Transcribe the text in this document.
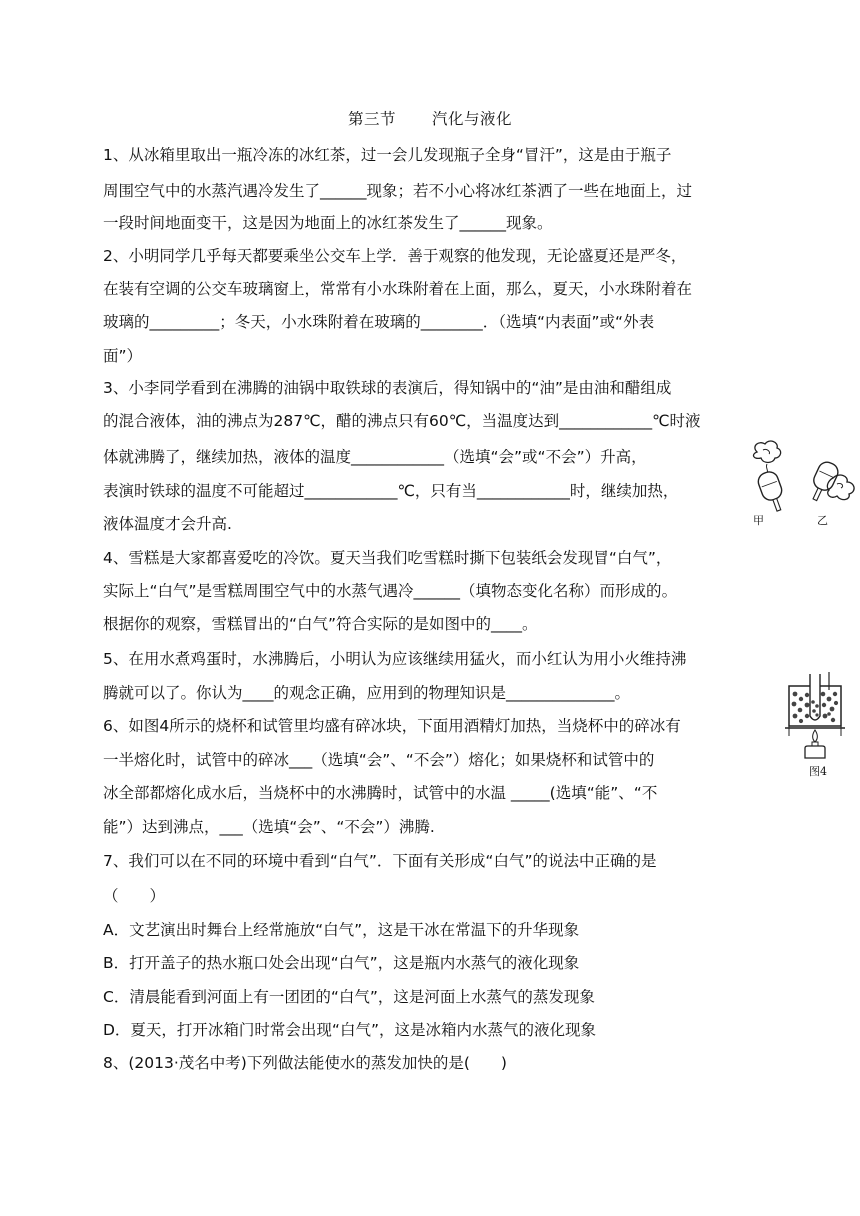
第三节 汽化与液化
1、从冰箱里取出一瓶冷冻的冰红茶，过一会儿发现瓶子全身“冒汗”，这是由于瓶子
周围空气中的水蒸汽遇冷发生了______现象；若不小心将冰红茶洒了一些在地面上，过
一段时间地面变干，这是因为地面上的冰红茶发生了______现象。
2、小明同学几乎每天都要乘坐公交车上学．善于观察的他发现，无论盛夏还是严冬，
在装有空调的公交车玻璃窗上，常常有小水珠附着在上面，那么，夏天，小水珠附着在
玻璃的_________；冬天，小水珠附着在玻璃的________．（选填“内表面”或“外表
面”）
3、小李同学看到在沸腾的油锅中取铁球的表演后，得知锅中的“油”是由油和醋组成
的混合液体，油的沸点为287℃，醋的沸点只有60℃，当温度达到____________℃时液
体就沸腾了，继续加热，液体的温度____________（选填“会”或“不会”）升高，
表演时铁球的温度不可能超过____________℃，只有当____________时，继续加热，
液体温度才会升高.
4、雪糕是大家都喜爱吃的冷饮。夏天当我们吃雪糕时撕下包装纸会发现冒“白气”，
实际上“白气”是雪糕周围空气中的水蒸气遇冷______（填物态变化名称）而形成的。
根据你的观察，雪糕冒出的“白气”符合实际的是如图中的____。
5、在用水煮鸡蛋时，水沸腾后，小明认为应该继续用猛火，而小红认为用小火维持沸
腾就可以了。你认为____的观念正确，应用到的物理知识是______________。
6、如图4所示的烧杯和试管里均盛有碎冰块，下面用酒精灯加热，当烧杯中的碎冰有
一半熔化时，试管中的碎冰___（选填“会”、“不会”）熔化；如果烧杯和试管中的
冰全部都熔化成水后，当烧杯中的水沸腾时，试管中的水温 _____(选填“能”、“不
能”）达到沸点，___（选填“会”、“不会”）沸腾.
7、我们可以在不同的环境中看到“白气”．下面有关形成“白气”的说法中正确的是
（　　）
A．文艺演出时舞台上经常施放“白气”，这是干冰在常温下的升华现象
B．打开盖子的热水瓶口处会出现“白气”，这是瓶内水蒸气的液化现象
C．清晨能看到河面上有一团团的“白气”，这是河面上水蒸气的蒸发现象
D．夏天，打开冰箱门时常会出现“白气”，这是冰箱内水蒸气的液化现象
8、(2013·茂名中考)下列做法能使水的蒸发加快的是(　　)
甲	乙
图4
